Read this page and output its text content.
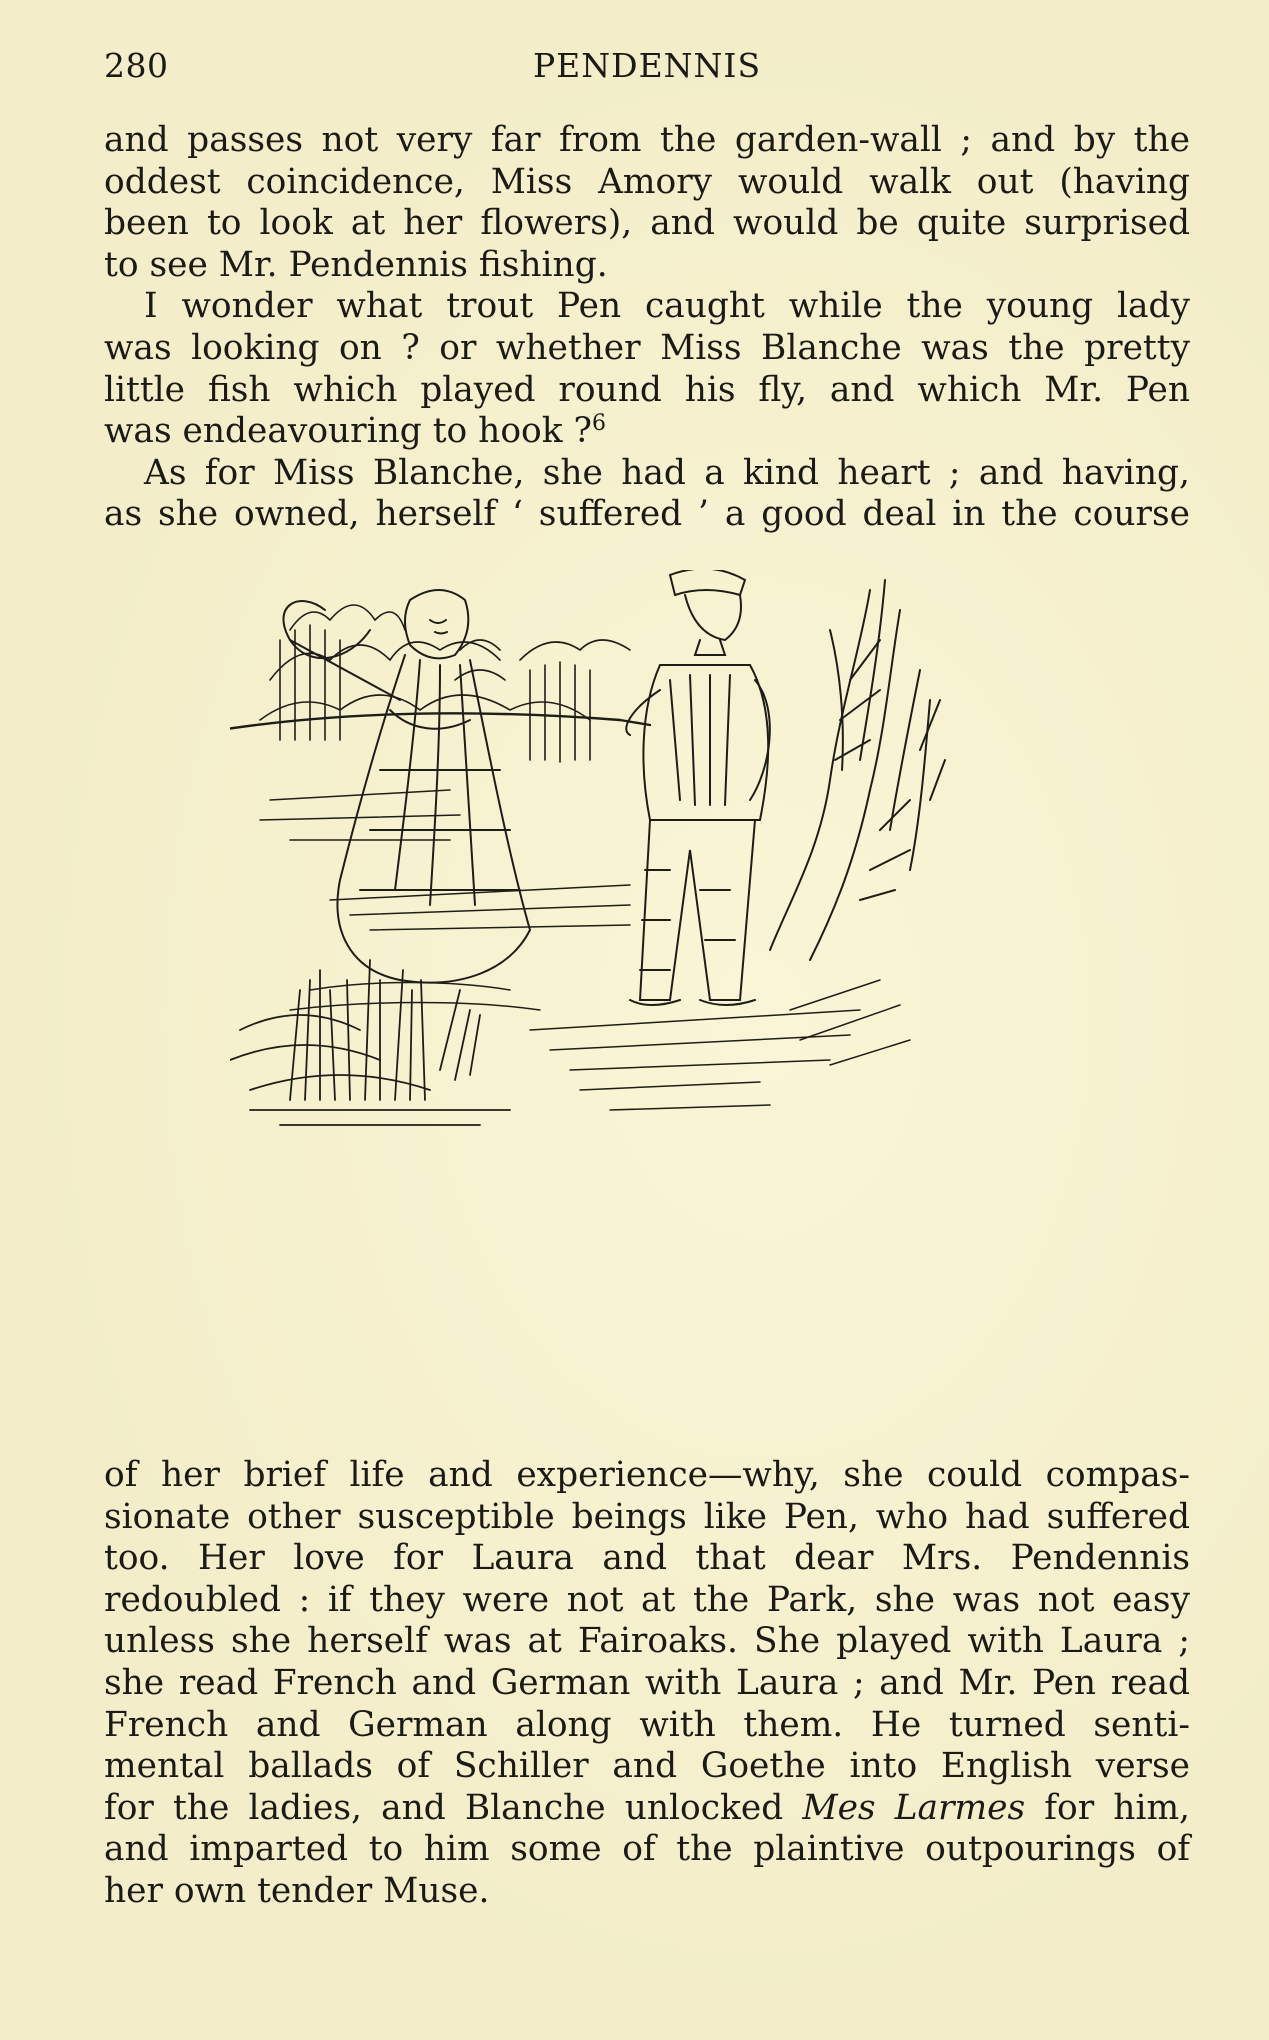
280	PENDENNIS

and passes not very far from the garden-wall ; and by the
oddest coincidence, Miss Amory would walk out (having
been to look at her flowers), and would be quite surprised
to see Mr. Pendennis fishing.

I wonder what trout Pen caught while the young lady
was looking on ? or whether Miss Blanche was the pretty
little fish which played round his fly, and which Mr. Pen
was endeavouring to hook ?$^6$

As for Miss Blanche, she had a kind heart ; and having,
as she owned, herself ‘ suffered ’ a good deal in the course

of her brief life and experience—why, she could compas-
sionate other susceptible beings like Pen, who had suffered
too. Her love for Laura and that dear Mrs. Pendennis
redoubled : if they were not at the Park, she was not easy
unless she herself was at Fairoaks. She played with Laura ;
she read French and German with Laura ; and Mr. Pen read
French and German along with them. He turned senti-
mental ballads of Schiller and Goethe into English verse
for the ladies, and Blanche unlocked Mes Larmes for him,
and imparted to him some of the plaintive outpourings of
her own tender Muse.
